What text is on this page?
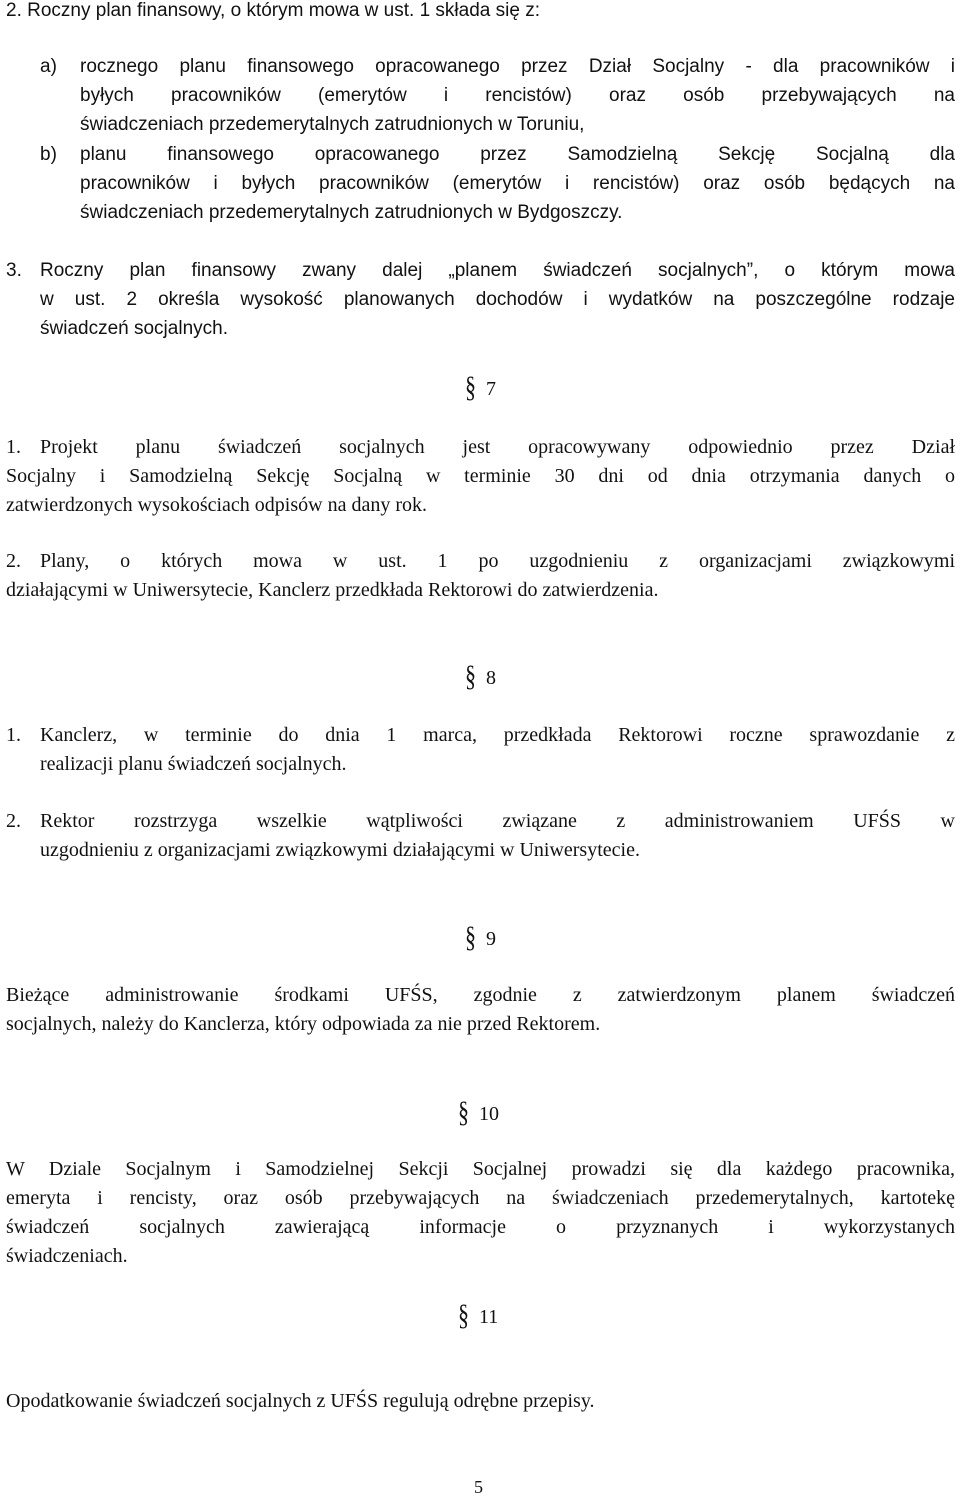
2. Roczny plan finansowy, o którym mowa w ust. 1 składa się z:
a) rocznego planu finansowego opracowanego przez Dział Socjalny - dla pracowników i
byłych pracowników (emerytów i rencistów) oraz osób przebywających na
świadczeniach przedemerytalnych zatrudnionych w Toruniu,
b) planu finansowego opracowanego przez Samodzielną Sekcję Socjalną dla
pracowników i byłych pracowników (emerytów i rencistów) oraz osób będących na
świadczeniach przedemerytalnych zatrudnionych w Bydgoszczy.
3. Roczny plan finansowy zwany dalej „planem świadczeń socjalnych”, o którym mowa
w ust. 2 określa wysokość planowanych dochodów i wydatków na poszczególne rodzaje
świadczeń socjalnych.
§ 7
1. Projekt planu świadczeń socjalnych jest opracowywany odpowiednio przez Dział
Socjalny i Samodzielną Sekcję Socjalną w terminie 30 dni od dnia otrzymania danych o
zatwierdzonych wysokościach odpisów na dany rok.
2. Plany, o których mowa w ust. 1 po uzgodnieniu z organizacjami związkowymi
działającymi w Uniwersytecie, Kanclerz przedkłada Rektorowi do zatwierdzenia.
§ 8
1. Kanclerz, w terminie do dnia 1 marca, przedkłada Rektorowi roczne sprawozdanie z
realizacji planu świadczeń socjalnych.
2. Rektor rozstrzyga wszelkie wątpliwości związane z administrowaniem UFŚS w
uzgodnieniu z organizacjami związkowymi działającymi w Uniwersytecie.
§ 9
Bieżące administrowanie środkami UFŚS, zgodnie z zatwierdzonym planem świadczeń
socjalnych, należy do Kanclerza, który odpowiada za nie przed Rektorem.
§ 10
W Dziale Socjalnym i Samodzielnej Sekcji Socjalnej prowadzi się dla każdego pracownika,
emeryta i rencisty, oraz osób przebywających na świadczeniach przedemerytalnych, kartotekę
świadczeń socjalnych zawierającą informacje o przyznanych i wykorzystanych
świadczeniach.
§ 11
Opodatkowanie świadczeń socjalnych z UFŚS regulują odrębne przepisy.
5
